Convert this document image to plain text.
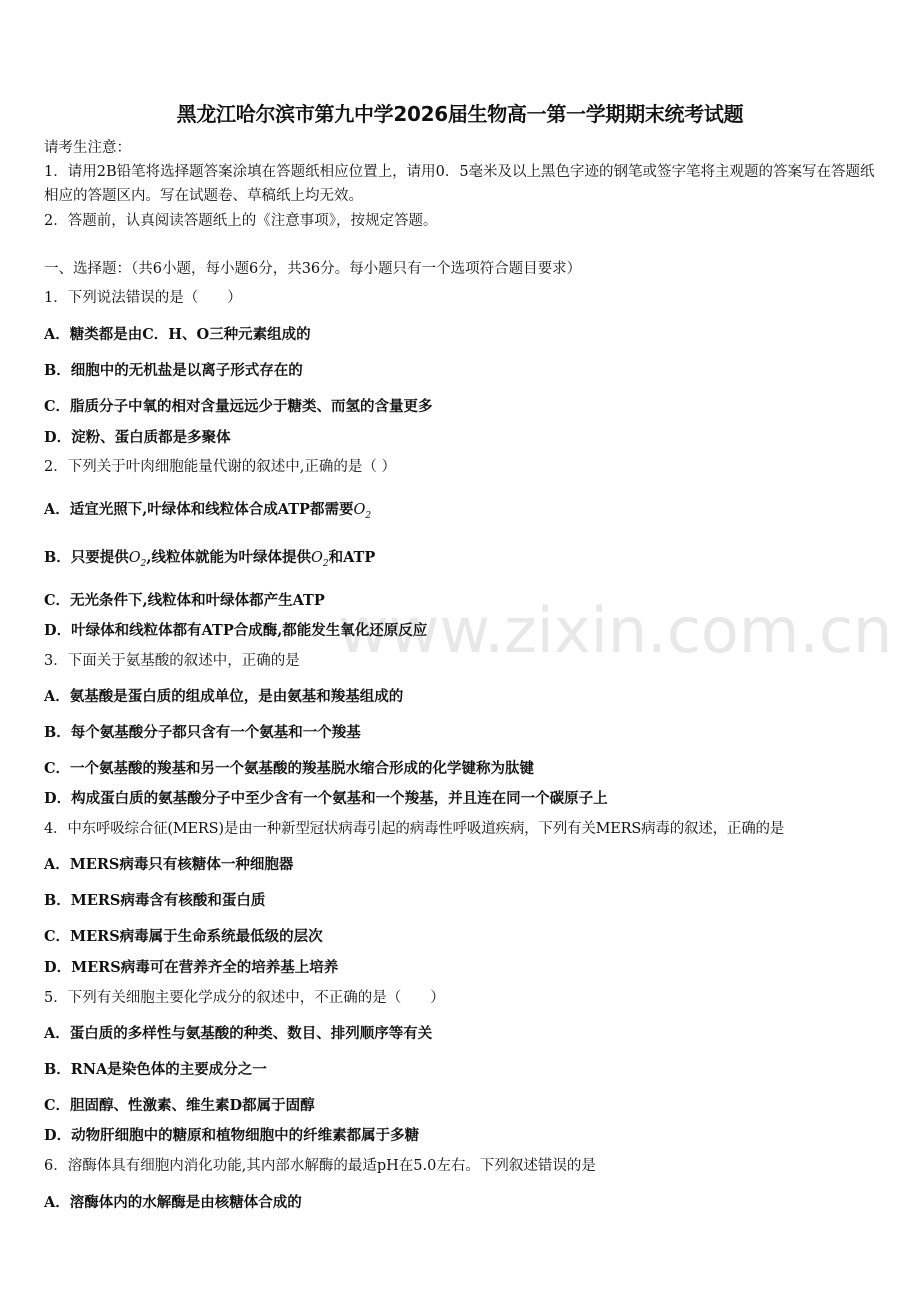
www.zixin.com.cn
黑龙江哈尔滨市第九中学2026届生物高一第一学期期末统考试题
请考生注意：
1．请用2B铅笔将选择题答案涂填在答题纸相应位置上，请用0．5毫米及以上黑色字迹的钢笔或签字笔将主观题的答案写在答题纸相应的答题区内。写在试题卷、草稿纸上均无效。
2．答题前，认真阅读答题纸上的《注意事项》，按规定答题。
一、选择题：（共6小题，每小题6分，共36分。每小题只有一个选项符合题目要求）
1．下列说法错误的是（　　）
A．糖类都是由C．H、O三种元素组成的
B．细胞中的无机盐是以离子形式存在的
C．脂质分子中氧的相对含量远远少于糖类、而氢的含量更多
D．淀粉、蛋白质都是多聚体
2．下列关于叶肉细胞能量代谢的叙述中,正确的是（ ）
A．适宜光照下,叶绿体和线粒体合成ATP都需要$O_2$
B．只要提供$O_2$,线粒体就能为叶绿体提供$O_2$和ATP
C．无光条件下,线粒体和叶绿体都产生ATP
D．叶绿体和线粒体都有ATP合成酶,都能发生氧化还原反应
3．下面关于氨基酸的叙述中，正确的是
A．氨基酸是蛋白质的组成单位，是由氨基和羧基组成的
B．每个氨基酸分子都只含有一个氨基和一个羧基
C．一个氨基酸的羧基和另一个氨基酸的羧基脱水缩合形成的化学键称为肽键
D．构成蛋白质的氨基酸分子中至少含有一个氨基和一个羧基，并且连在同一个碳原子上
4．中东呼吸综合征(MERS)是由一种新型冠状病毒引起的病毒性呼吸道疾病，下列有关MERS病毒的叙述，正确的是
A．MERS病毒只有核糖体一种细胞器
B．MERS病毒含有核酸和蛋白质
C．MERS病毒属于生命系统最低级的层次
D．MERS病毒可在营养齐全的培养基上培养
5．下列有关细胞主要化学成分的叙述中，不正确的是（　　）
A．蛋白质的多样性与氨基酸的种类、数目、排列顺序等有关
B．RNA是染色体的主要成分之一
C．胆固醇、性激素、维生素D都属于固醇
D．动物肝细胞中的糖原和植物细胞中的纤维素都属于多糖
6．溶酶体具有细胞内消化功能,其内部水解酶的最适pH在5.0左右。下列叙述错误的是
A．溶酶体内的水解酶是由核糖体合成的
